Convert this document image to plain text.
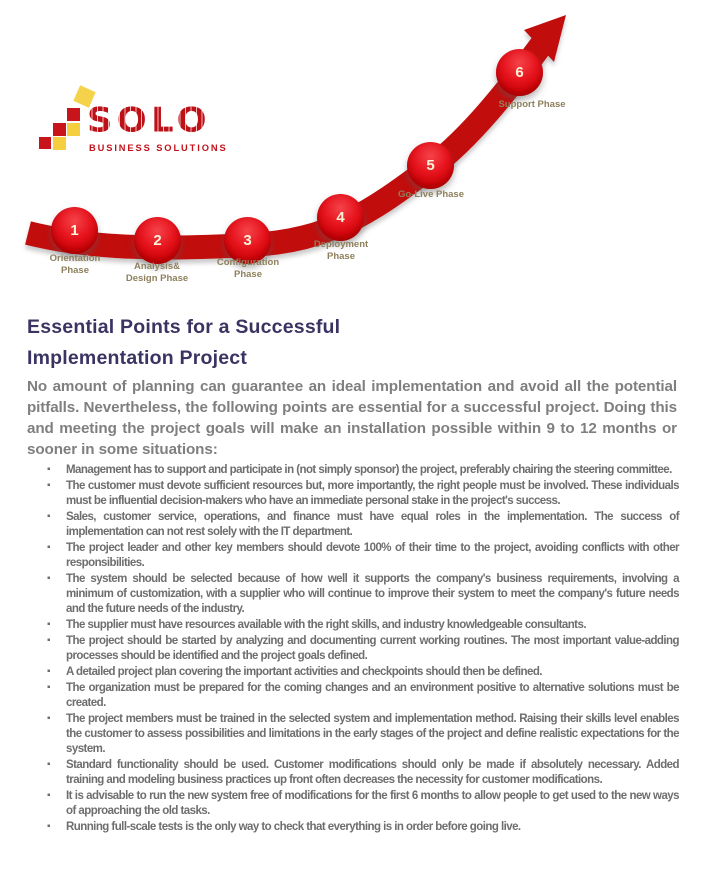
1
2	3
4
5
6
Orientation Phase	Analysis& Design Phase
Configuration Phase
Deployment Phase
Go-Live Phase
Support Phase
SOLO
BUSINESS SOLUTIONS
Essential Points for a Successful
Implementation Project

No amount of planning can guarantee an ideal implementation and avoid all the potential pitfalls. Nevertheless, the following points are essential for a successful project. Doing this and meeting the project goals will make an installation possible within 9 to 12 months or sooner in some situations:

▪ Management has to support and participate in (not simply sponsor) the project, preferably chairing the steering committee.
▪ The customer must devote sufficient resources but, more importantly, the right people must be involved. These individuals must be influential decision-makers who have an immediate personal stake in the project's success.
▪ Sales, customer service, operations, and finance must have equal roles in the implementation. The success of implementation can not rest solely with the IT department.
▪ The project leader and other key members should devote 100% of their time to the project, avoiding conflicts with other responsibilities.
▪ The system should be selected because of how well it supports the company's business requirements, involving a minimum of customization, with a supplier who will continue to improve their system to meet the company's future needs and the future needs of the industry.
▪ The supplier must have resources available with the right skills, and industry knowledgeable consultants.
▪ The project should be started by analyzing and documenting current working routines. The most important value-adding processes should be identified and the project goals defined.
▪ A detailed project plan covering the important activities and checkpoints should then be defined.
▪ The organization must be prepared for the coming changes and an environment positive to alternative solutions must be created.
▪ The project members must be trained in the selected system and implementation method. Raising their skills level enables the customer to assess possibilities and limitations in the early stages of the project and define realistic expectations for the system.
▪ Standard functionality should be used. Customer modifications should only be made if absolutely necessary. Added training and modeling business practices up front often decreases the necessity for customer modifications.
▪ It is advisable to run the new system free of modifications for the first 6 months to allow people to get used to the new ways of approaching the old tasks.
▪ Running full-scale tests is the only way to check that everything is in order before going live.
